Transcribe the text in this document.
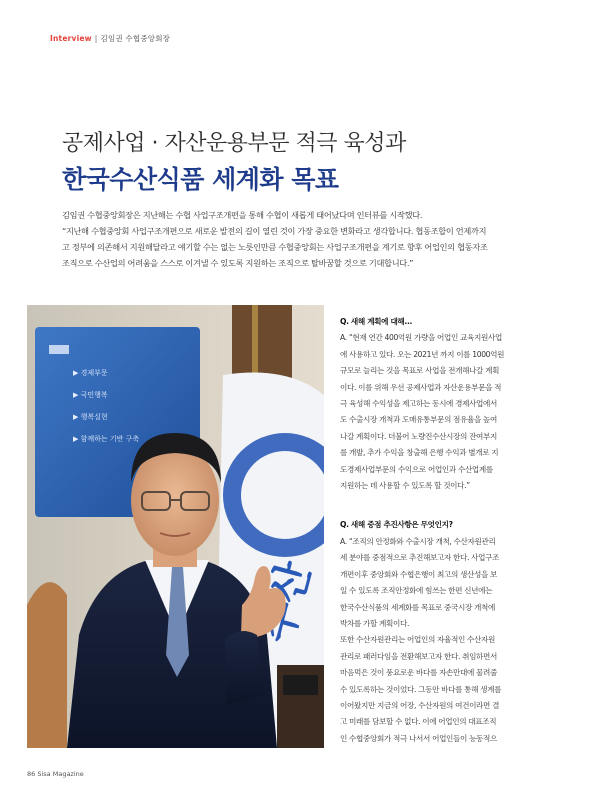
Interview | 김임권 수협중앙회장
공제사업 · 자산운용부문 적극 육성과
한국수산식품 세계화 목표

김임권 수협중앙회장은 지난해는 수협 사업구조개편을 통해 수협이 새롭게 태어났다며 인터뷰를 시작했다.

“지난해 수협중앙회 사업구조개편으로 새로운 발전의 길이 열린 것이 가장 중요한 변화라고 생각합니다. 협동조합이 언제까지

고 정부에 의존해서 지원해달라고 얘기할 수는 없는 노릇인만큼 수협중앙회는 사업구조개편을 계기로 향후 어업인의 협동자조

조직으로 수산업의 어려움을 스스로 이겨낼 수 있도록 지원하는 조직으로 탈바꿈할 것으로 기대합니다.”

▶ 경제부문
▶ 국민행복
▶ 행복실현
▶ 함께하는 기반 구축

Q. 새해 계획에 대해...

A. “현재 연간 400억원 가량을 어업인 교육지원사업

에 사용하고 있다. 오는 2021년 까지 이를 1000억원

규모로 늘리는 것을 목표로 사업을 전개해나갈 계획

이다. 이를 위해 우선 공제사업과 자산운용부문을 적

극 육성해 수익성을 제고하는 동시에 경제사업에서

도 수출시장 개척과 도매유통부문의 점유율을 높여

나갈 계획이다. 더불어 노량진수산시장의 잔여부지

를 개발, 추가 수익을 창출해 은행 수익과 별개로 지

도경제사업부문의 수익으로 어업인과 수산업계를

지원하는 데 사용할 수 있도록 할 것이다.”

Q. 새해 중점 추진사항은 무엇인지?

A. “조직의 안정화와 수출시장 개척, 수산자원관리

세 분야를 중점적으로 추진해보고자 한다. 사업구조

개편이후 중앙회와 수협은행이 최고의 생산성을 보

일 수 있도록 조직안정화에 힘쓰는 한편 신년에는

한국수산식품의 세계화를 목표로 중국시장 개척에

박차를 가할 계획이다.

또한 수산자원관리는 어업인의 자율적인 수산자원

관리로 패러다임을 전환해보고자 한다. 취임하면서

마음먹은 것이 풍요로운 바다를 자손만대에 물려줄

수 있도록하는 것이었다. 그동안 바다를 통해 생계를

이어왔지만 지금의 어장, 수산자원의 여건이라면 결

고 미래를 담보할 수 없다. 이에 어업인의 대표조직

인 수협중앙회가 적극 나서서 어업인들이 능동적으

86 Sisa Magazine
